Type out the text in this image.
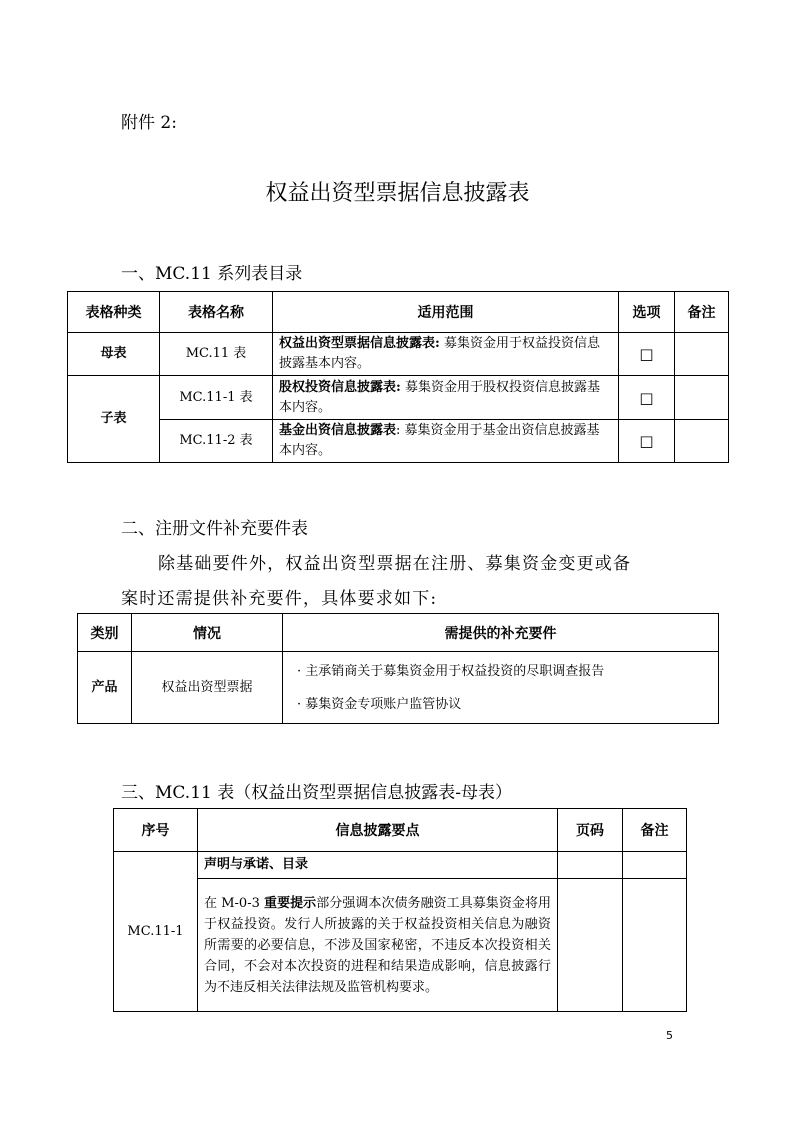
附件 2:
权益出资型票据信息披露表
一、MC.11 系列表目录
表格种类	表格名称	适用范围	选项	备注
母表	MC.11 表	权益出资型票据信息披露表: 募集资金用于权益投资信息披露基本内容。	□	
子表	MC.11-1 表	股权投资信息披露表: 募集资金用于股权投资信息披露基本内容。	□	
	MC.11-2 表	基金出资信息披露表: 募集资金用于基金出资信息披露基本内容。	□	
二、注册文件补充要件表
除基础要件外，权益出资型票据在注册、募集资金变更或备
案时还需提供补充要件，具体要求如下:
类别	情况	需提供的补充要件
产品	权益出资型票据	· 主承销商关于募集资金用于权益投资的尽职调查报告
· 募集资金专项账户监管协议
三、MC.11 表（权益出资型票据信息披露表-母表）
序号	信息披露要点	页码	备注
MC.11-1	声明与承诺、目录		
	在 M-0-3 重要提示部分强调本次债务融资工具募集资金将用于权益投资。发行人所披露的关于权益投资相关信息为融资所需要的必要信息，不涉及国家秘密，不违反本次投资相关合同，不会对本次投资的进程和结果造成影响，信息披露行为不违反相关法律法规及监管机构要求。		
5
